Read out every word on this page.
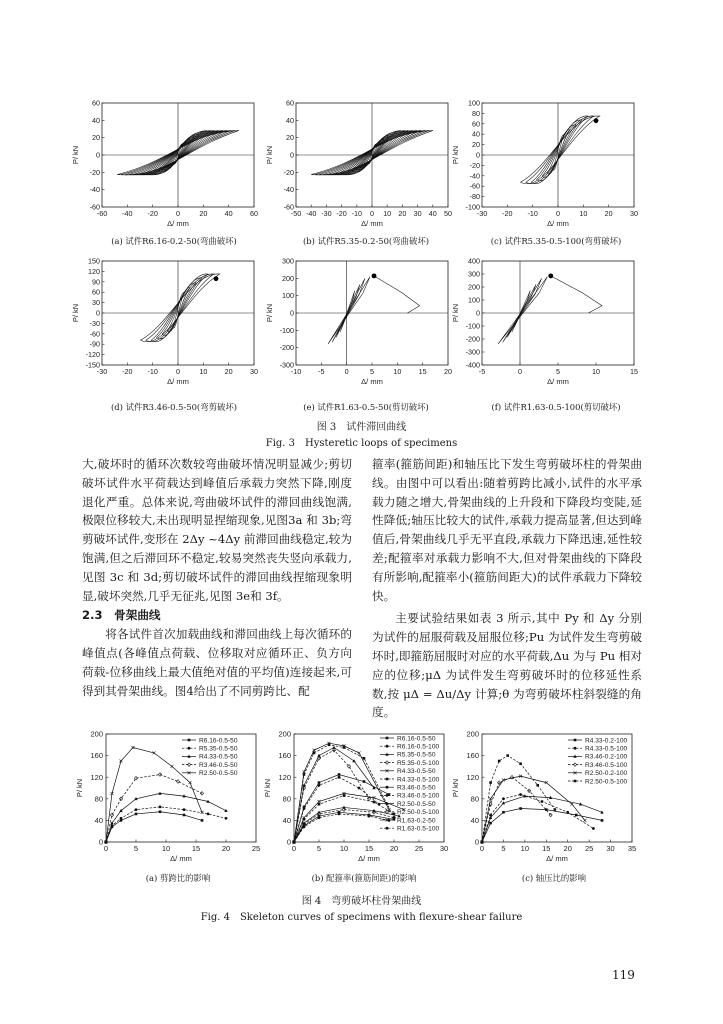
-60 -40 -20	0	20 40 60
60
40
20
0
-20
-40
-60
Δ/ mm
P/ kN
-50 -40 -30 -20 -10 0 10 20 30 40 50
60
40
20
0
-20
-40
-60
Δ/ mm
P/ kN
-30 -20 -10	0	10 20 30
100
80
60
40
20
0
-20
-40
-60
-80
-100
Δ/ mm
P/ kN
-30 -20 -10	0	10 20 30
150
120
90
60
30
0
-30
-60
-90
-120
-150
Δ/ mm
P/ kN
-10 -5	0	5	10 15 20
300
200
100
0
-100
-200
-300
Δ/ mm
P/ kN
-5	0	5	10	15
400
300
200
100
0
-100
-200
-300
-400
Δ/ mm
P/ kN
(a) 试件R6.16-0.2-50(弯曲破坏)	(b) 试件R5.35-0.2-50(弯曲破坏)	(c) 试件R5.35-0.5-100(弯剪破坏)
(d) 试件R3.46-0.5-50(弯剪破坏)	(e) 试件R1.63-0.5-50(剪切破坏)	(f) 试件R1.63-0.5-100(剪切破坏)
图 3　试件滞回曲线
Fig. 3　Hysteretic loops of specimens

大,破坏时的循环次数较弯曲破坏情况明显减少;剪切破坏试件水平荷载达到峰值后承载力突然下降,刚度退化严重。总体来说,弯曲破坏试件的滞回曲线饱满,极限位移较大,未出现明显捏缩现象,见图3a 和 3b;弯剪破坏试件,变形在 2Δy ~4Δy 前滞回曲线稳定,较为饱满,但之后滞回环不稳定,较易突然丧失竖向承载力,见图 3c 和 3d;剪切破坏试件的滞回曲线捏缩现象明显,破坏突然,几乎无征兆,见图 3e和 3f。

2.3　骨架曲线

将各试件首次加载曲线和滞回曲线上每次循环的峰值点(各峰值点荷载、位移取对应循环正、负方向荷载-位移曲线上最大值绝对值的平均值)连接起来,可得到其骨架曲线。图4给出了不同剪跨比、配

箍率(箍筋间距)和轴压比下发生弯剪破坏柱的骨架曲线。由图中可以看出:随着剪跨比减小,试件的水平承载力随之增大,骨架曲线的上升段和下降段均变陡,延性降低;轴压比较大的试件,承载力提高显著,但达到峰值后,骨架曲线几乎无平直段,承载力下降迅速,延性较差;配箍率对承载力影响不大,但对骨架曲线的下降段有所影响,配箍率小(箍筋间距大)的试件承载力下降较快。

主要试验结果如表 3 所示,其中 Py 和 Δy 分别为试件的屈服荷载及屈服位移;Pu 为试件发生弯剪破坏时,即箍筋屈服时对应的水平荷载,Δu 为与 Pu 相对应的位移;μΔ 为试件发生弯剪破坏时的位移延性系数,按 μΔ = Δu/Δy 计算;θ 为弯剪破坏柱斜裂缝的角度。

0	5	10	15	20	25
0
40
80
120
160
200
Δ/ mm
P/ kN
R6.16-0.5-50
R5.35-0.5-50
R4.33-0.5-50
R3.46-0.5-50
R2.50-0.5-50
0	5 10 15 20 25 30
0
40
80
120
160
200
Δ/ mm
P/ kN
R6.16-0.5-50
R6.16-0.5-100
R5.35-0.5-50
R5.35-0.5-100
R4.33-0.5-50
R4.33-0.5-100
R3.46-0.5-50
R3.46-0.5-100
R2.50-0.5-50
R2.50-0.5-100
R1.63-0.2-50
R1.63-0.5-100
0 5 10 15 20 25 30 35
0
40
80
120
160
200
Δ/ mm
P/ kN
R4.33-0.2-100
R4.33-0.5-100
R3.46-0.2-100
R3.46-0.5-100
R2.50-0.2-100
R2.50-0.5-100
(a) 剪跨比的影响	(b) 配箍率(箍筋间距)的影响	(c) 轴压比的影响
图 4　弯剪破坏柱骨架曲线
Fig. 4　Skeleton curves of specimens with flexure-shear failure
119
